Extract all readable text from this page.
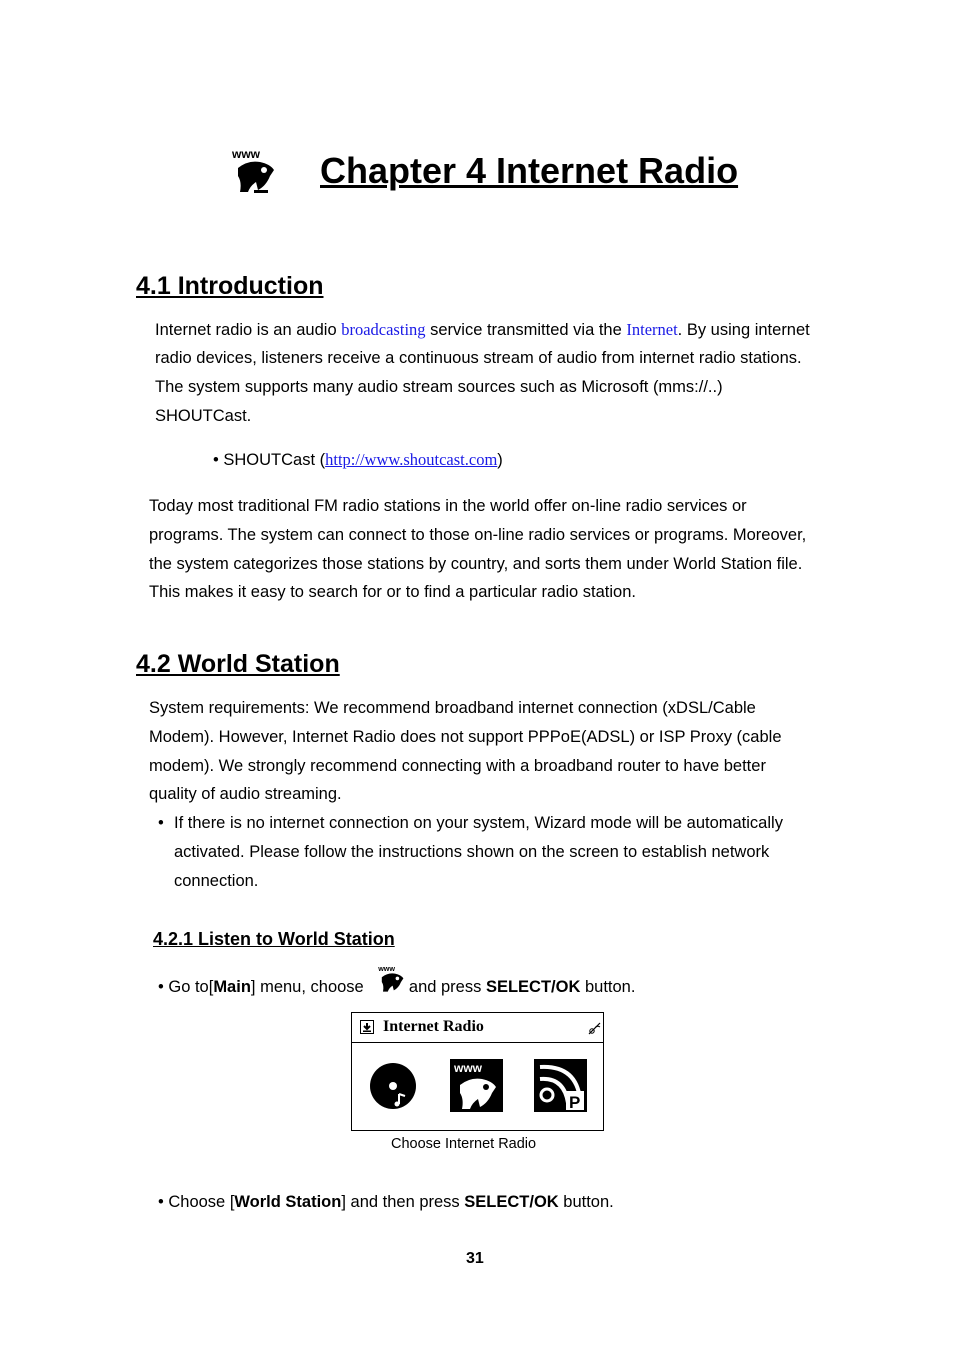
www Chapter 4 Internet Radio
4.1 Introduction
Internet radio is an audio broadcasting service transmitted via the Internet. By using internet
radio devices, listeners receive a continuous stream of audio from internet radio stations.
The system supports many audio stream sources such as Microsoft (mms://..)
SHOUTCast.
• SHOUTCast (http://www.shoutcast.com)
Today most traditional FM radio stations in the world offer on-line radio services or
programs. The system can connect to those on-line radio services or programs. Moreover,
the system categorizes those stations by country, and sorts them under World Station file.
This makes it easy to search for or to find a particular radio station.
4.2 World Station
System requirements: We recommend broadband internet connection (xDSL/Cable
Modem). However, Internet Radio does not support PPPoE(ADSL) or ISP Proxy (cable
modem). We strongly recommend connecting with a broadband router to have better
quality of audio streaming.
• If there is no internet connection on your system, Wizard mode will be automatically
activated. Please follow the instructions shown on the screen to establish network
connection.
4.2.1 Listen to World Station
• Go to[Main] menu, choose  and press SELECT/OK button.
www
Internet Radio
www
P
Choose Internet Radio
• Choose [World Station] and then press SELECT/OK button.
31
